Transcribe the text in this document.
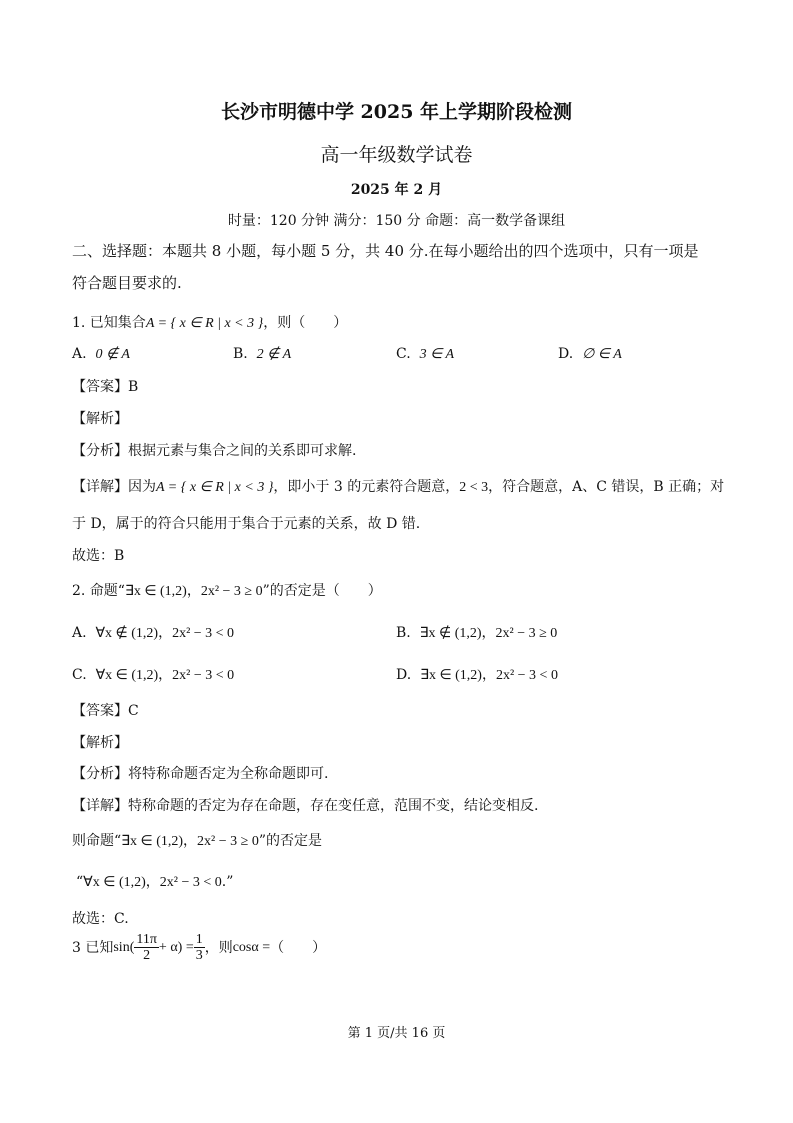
长沙市明德中学 2025 年上学期阶段检测
高一年级数学试卷
2025 年 2 月
时量：120 分钟 满分：150 分 命题：高一数学备课组
二、选择题：本题共 8 小题，每小题 5 分，共 40 分.在每小题给出的四个选项中，只有一项是
符合题目要求的.
1. 已知集合A = { x ∈ R | x < 3 }，则（　　）
A. 0 ∉ A	B. 2 ∉ A	C. 3 ∈ A	D. ∅ ∈ A
【答案】B
【解析】
【分析】根据元素与集合之间的关系即可求解.
【详解】因为A = { x ∈ R | x < 3 }，即小于 3 的元素符合题意，2 < 3，符合题意，A、C 错误，B 正确；对
于 D，属于的符合只能用于集合于元素的关系，故 D 错.
故选：B
2. 命题“∃x ∈ (1,2)，2x² − 3 ≥ 0”的否定是（　　）
A. ∀x ∉ (1,2)，2x² − 3 < 0	B. ∃x ∉ (1,2)，2x² − 3 ≥ 0
C. ∀x ∈ (1,2)，2x² − 3 < 0	D. ∃x ∈ (1,2)，2x² − 3 < 0
【答案】C
【解析】
【分析】将特称命题否定为全称命题即可.
【详解】特称命题的否定为存在命题，存在变任意，范围不变，结论变相反.
则命题“∃x ∈ (1,2)，2x² − 3 ≥ 0”的否定是
“∀x ∈ (1,2)，2x² − 3 < 0.”
故选：C.
3 已知$\sin( \frac{11\pi}{2} + \alpha) = \frac{1}{3}$ ，则cosα =（　　）
第 1 页/共 16 页
